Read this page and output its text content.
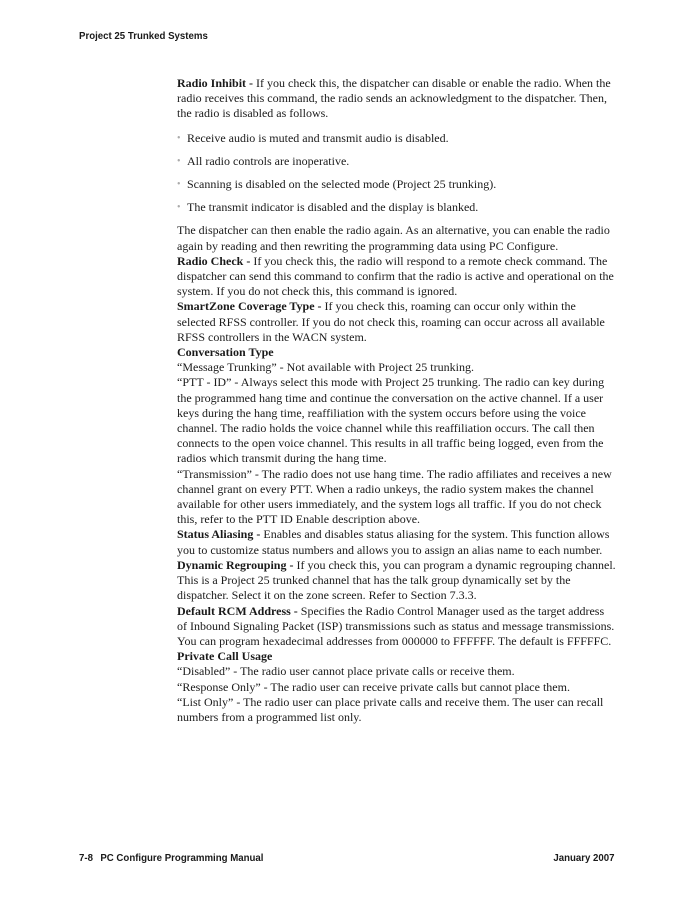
Project 25 Trunked Systems

Radio Inhibit - If you check this, the dispatcher can disable or enable the radio. When the radio receives this command, the radio sends an acknowledgment to the dispatcher. Then, the radio is disabled as follows.

• Receive audio is muted and transmit audio is disabled.
• All radio controls are inoperative.
• Scanning is disabled on the selected mode (Project 25 trunking).
• The transmit indicator is disabled and the display is blanked.

The dispatcher can then enable the radio again. As an alternative, you can enable the radio again by reading and then rewriting the programming data using PC Configure.

Radio Check - If you check this, the radio will respond to a remote check command. The dispatcher can send this command to confirm that the radio is active and operational on the system. If you do not check this, this command is ignored.

SmartZone Coverage Type - If you check this, roaming can occur only within the selected RFSS controller. If you do not check this, roaming can occur across all available RFSS controllers in the WACN system.

Conversation Type

“Message Trunking” - Not available with Project 25 trunking.

“PTT - ID” - Always select this mode with Project 25 trunking. The radio can key during the programmed hang time and continue the conversation on the active channel. If a user keys during the hang time, reaffiliation with the system occurs before using the voice channel. The radio holds the voice channel while this reaffiliation occurs. The call then connects to the open voice channel. This results in all traffic being logged, even from the radios which transmit during the hang time.

“Transmission” - The radio does not use hang time. The radio affiliates and receives a new channel grant on every PTT. When a radio unkeys, the radio system makes the channel available for other users immediately, and the system logs all traffic. If you do not check this, refer to the PTT ID Enable description above.

Status Aliasing - Enables and disables status aliasing for the system. This function allows you to customize status numbers and allows you to assign an alias name to each number.

Dynamic Regrouping - If you check this, you can program a dynamic regrouping channel. This is a Project 25 trunked channel that has the talk group dynamically set by the dispatcher. Select it on the zone screen. Refer to Section 7.3.3.

Default RCM Address - Specifies the Radio Control Manager used as the target address of Inbound Signaling Packet (ISP) transmissions such as status and message transmissions. You can program hexadecimal addresses from 000000 to FFFFFF. The default is FFFFFC.

Private Call Usage

“Disabled” - The radio user cannot place private calls or receive them.

“Response Only” - The radio user can receive private calls but cannot place them.

“List Only” - The radio user can place private calls and receive them. The user can recall numbers from a programmed list only.

7-8 PC Configure Programming Manual	January 2007
